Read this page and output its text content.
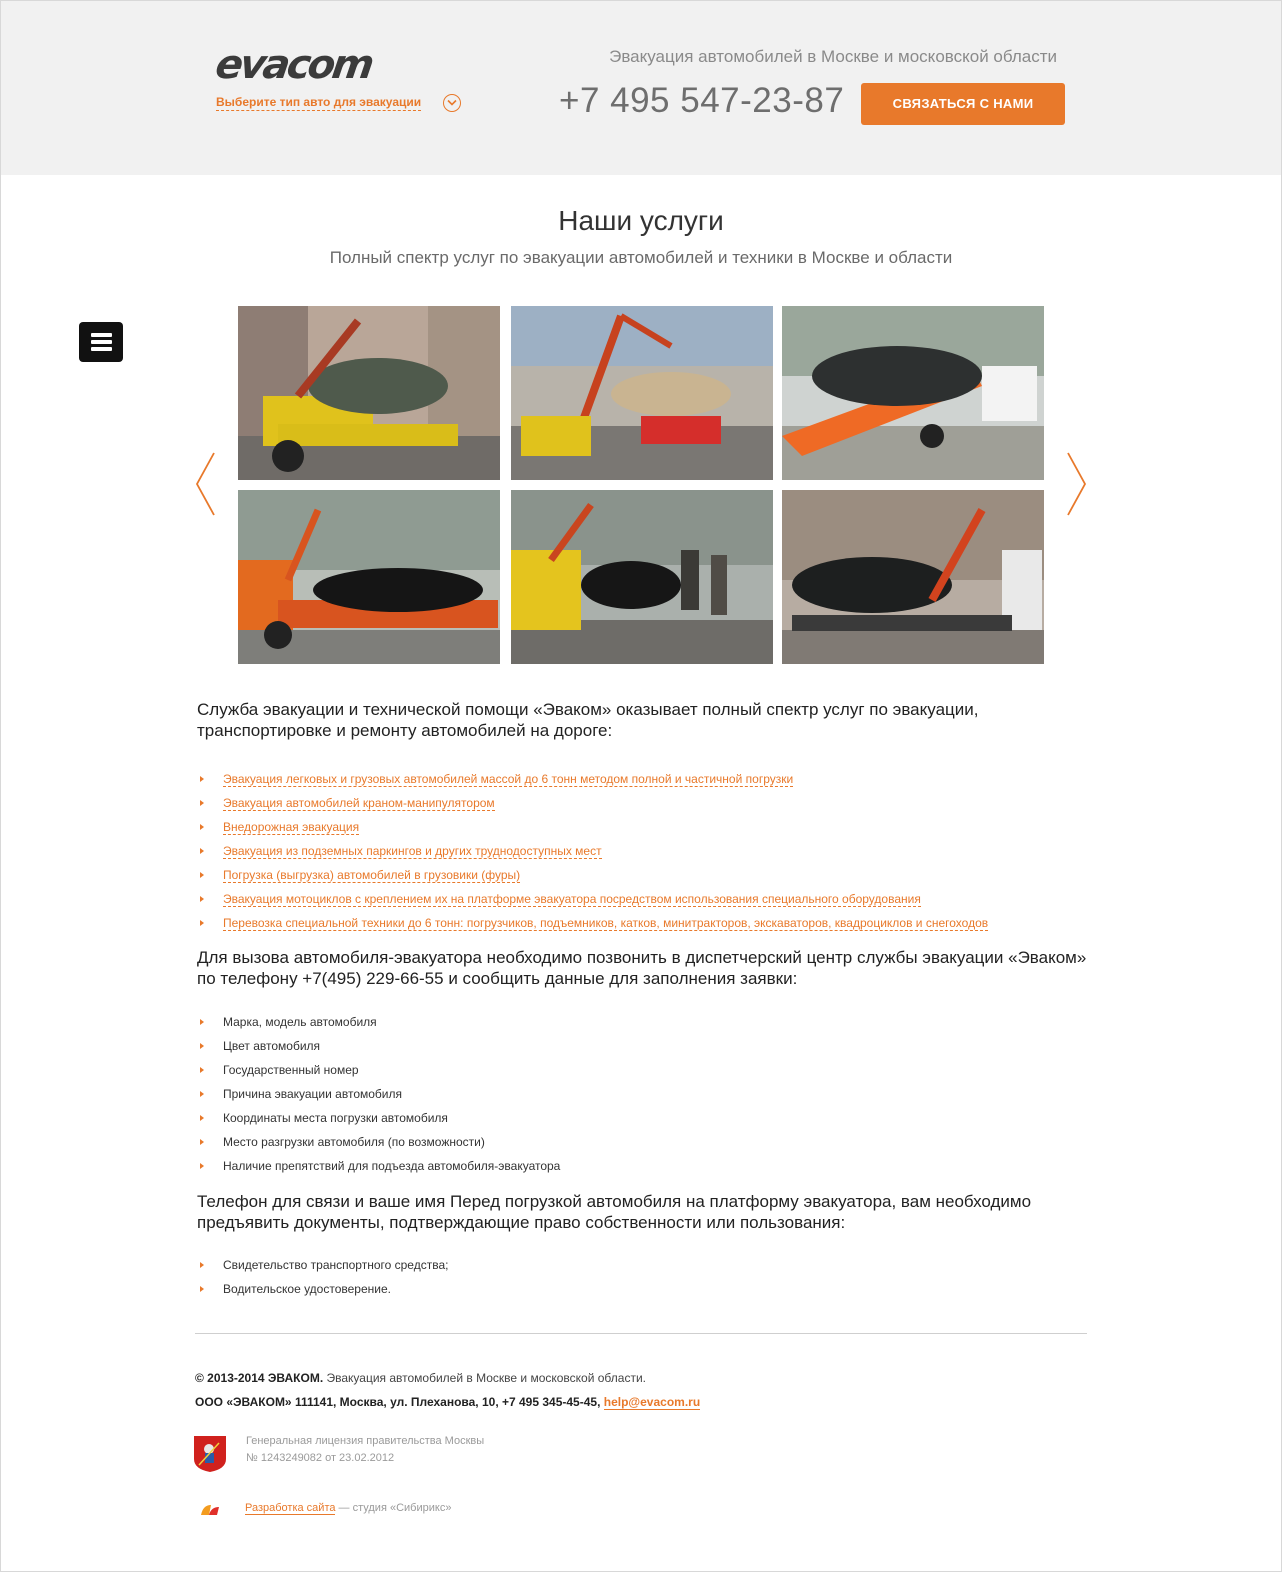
evacom
Выберите тип авто для эвакуации
Эвакуация автомобилей в Москве и московской области
+7 495 547-23-87	СВЯЗАТЬСЯ С НАМИ
Наши услуги
Полный спектр услуг по эвакуации автомобилей и техники в Москве и области

Служба эвакуации и технической помощи «Эваком» оказывает полный спектр услуг по эвакуации, транспортировке и ремонту автомобилей на дороге:

Эвакуация легковых и грузовых автомобилей массой до 6 тонн методом полной и частичной погрузки
Эвакуация автомобилей краном-манипулятором
Внедорожная эвакуация
Эвакуация из подземных паркингов и других труднодоступных мест
Погрузка (выгрузка) автомобилей в грузовики (фуры)
Эвакуация мотоциклов с креплением их на платформе эвакуатора посредством использования специального оборудования
Перевозка специальной техники до 6 тонн: погрузчиков, подъемников, катков, минитракторов, экскаваторов, квадроциклов и снегоходов

Для вызова автомобиля-эвакуатора необходимо позвонить в диспетчерский центр службы эвакуации «Эваком» по телефону +7(495) 229-66-55 и сообщить данные для заполнения заявки:

Марка, модель автомобиля
Цвет автомобиля
Государственный номер
Причина эвакуации автомобиля
Координаты места погрузки автомобиля
Место разгрузки автомобиля (по возможности)
Наличие препятствий для подъезда автомобиля-эвакуатора

Телефон для связи и ваше имя Перед погрузкой автомобиля на платформу эвакуатора, вам необходимо предъявить документы, подтверждающие право собственности или пользования:

Свидетельство транспортного средства;
Водительское удостоверение.
© 2013-2014 ЭВАКОМ. Эвакуация автомобилей в Москве и московской области.
ООО «ЭВАКОМ» 111141, Москва, ул. Плеханова, 10, +7 495 345-45-45, help@evacom.ru
Генеральная лицензия правительства Москвы
№ 1243249082 от 23.02.2012
Разработка сайта — студия «Сибирикс»
